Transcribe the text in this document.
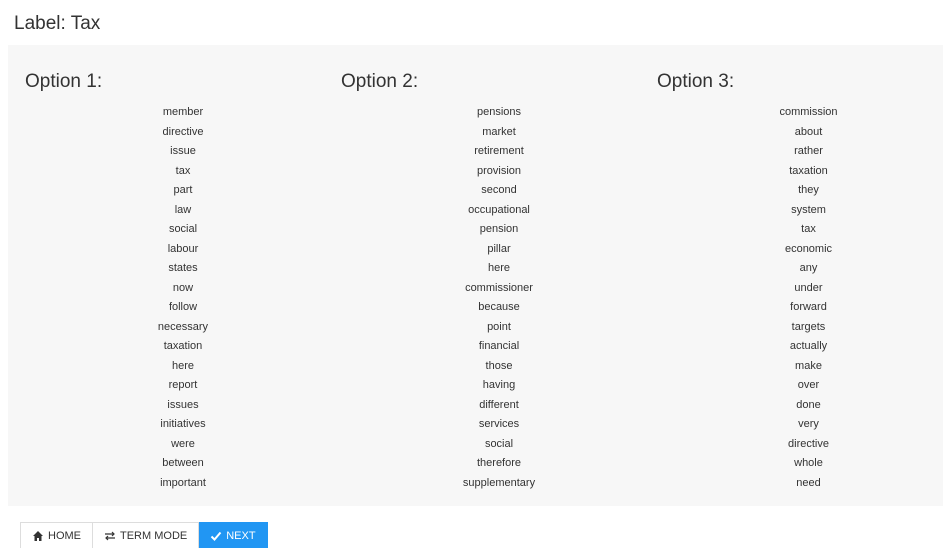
Label: Tax
Option 1:
member
directive
issue
tax
part
law
social
labour
states
now
follow
necessary
taxation
here
report
issues
initiatives
were
between
important
Option 2:
pensions
market
retirement
provision
second
occupational
pension
pillar
here
commissioner
because
point
financial
those
having
different
services
social
therefore
supplementary
Option 3:
commission
about
rather
taxation
they
system
tax
economic
any
under
forward
targets
actually
make
over
done
very
directive
whole
need
HOME	TERM MODE	NEXT
